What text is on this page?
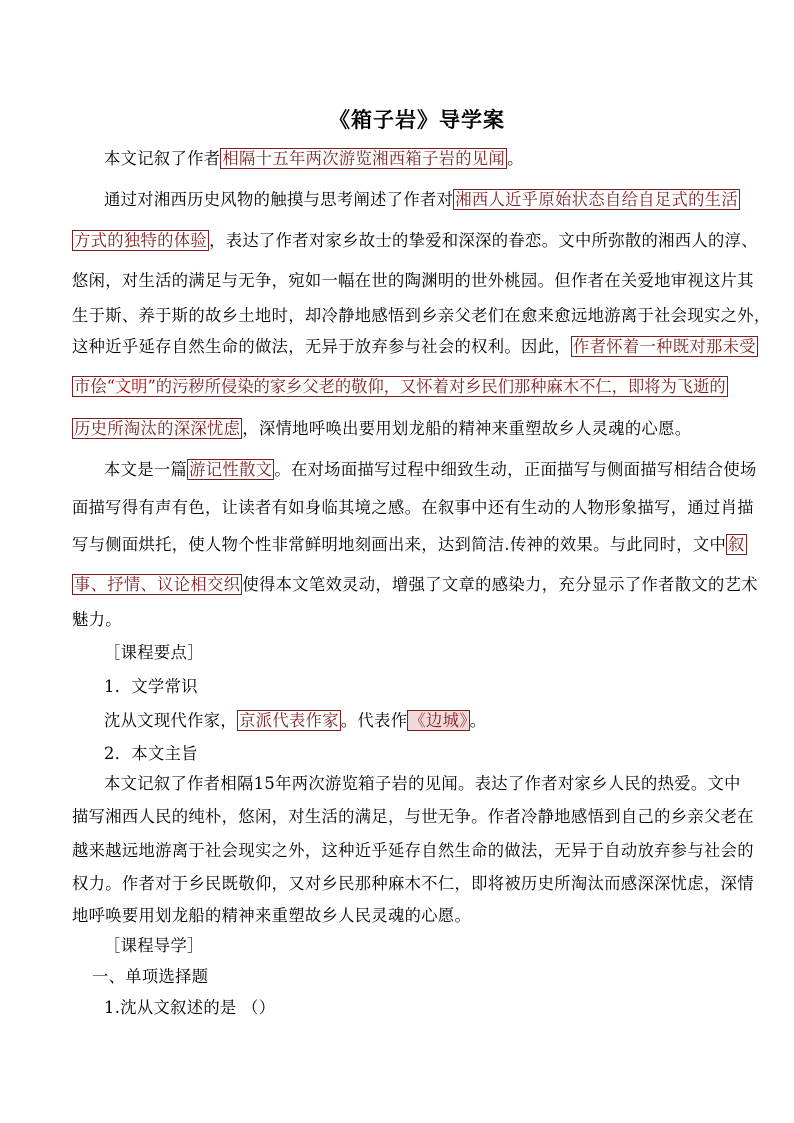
《箱子岩》导学案
本文记叙了作者 相隔十五年两次游览湘西箱子岩的见闻 。
通过对湘西历史风物的触摸与思考阐述了作者对 湘西人近乎原始状态自给自足式的生活
方式的独特的体验 ，表达了作者对家乡故士的挚爱和深深的眷恋。文中所弥散的湘西人的淳、
悠闲，对生活的满足与无争，宛如一幅在世的陶渊明的世外桃园。但作者在关爱地审视这片其
生于斯、养于斯的故乡土地时，却冷静地感悟到乡亲父老们在愈来愈远地游离于社会现实之外，
这种近乎延存自然生命的做法，无异于放弃参与社会的权利。因此， 作者怀着一种既对那未受
市侩“文明”的污秽所侵染的家乡父老的敬仰，又怀着对乡民们那种麻木不仁，即将为飞逝的
历史所淘汰的深深忧虑 ，深情地呼唤出要用划龙船的精神来重塑故乡人灵魂的心愿。
本文是一篇 游记性散文 。在对场面描写过程中细致生动，正面描写与侧面描写相结合使场
面描写得有声有色，让读者有如身临其境之感。在叙事中还有生动的人物形象描写，通过肖描
写与侧面烘托，使人物个性非常鲜明地刻画出来，达到简洁.传神的效果。与此同时，文中 叙
事、抒情、议论相交织 使得本文笔效灵动，增强了文章的感染力，充分显示了作者散文的艺术
魅力。
［课程要点］
1．文学常识
沈从文现代作家， 京派代表作家 。代表作 《边城》 。
2．本文主旨
本文记叙了作者相隔15年两次游览箱子岩的见闻。表达了作者对家乡人民的热爱。文中
描写湘西人民的纯朴，悠闲，对生活的满足，与世无争。作者冷静地感悟到自己的乡亲父老在
越来越远地游离于社会现实之外，这种近乎延存自然生命的做法，无异于自动放弃参与社会的
权力。作者对于乡民既敬仰，又对乡民那种麻木不仁，即将被历史所淘汰而感深深忧虑，深情
地呼唤要用划龙船的精神来重塑故乡人民灵魂的心愿。
［课程导学］
一、单项选择题
1.沈从文叙述的是 （）
